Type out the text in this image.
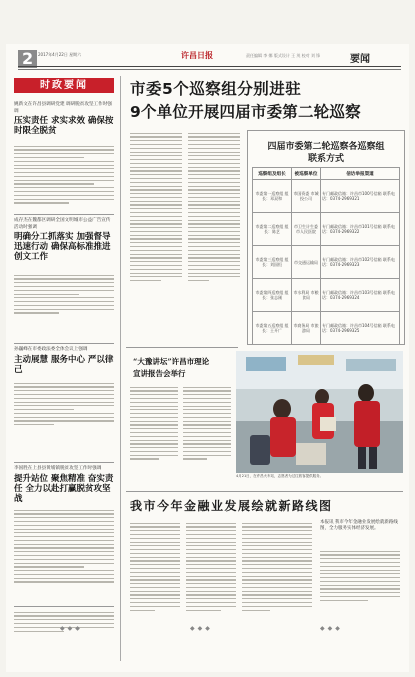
2	2017年4月22日 星期六	许昌日报	责任编辑 李 娜 版式设计 王 茂 校对 刘 锋	要闻
时政要闻
姚新文在许昌县调研党建 调研脱贫攻坚工作时强调
压实责任 求实求效 确保按时限全脱贫
成存杰在魏都区调研全国文明城市公益广告宣传活动时强调
明确分工抓落实 加强督导 迅速行动 确保高标准推进创文工作
孙巍峰在市委政法委全体会议上强调
主动展慧 服务中心 严以律己
李国胜在上县县黄埔镇脱贫攻坚工作时强调
提升站位 聚焦精准 奋实责任 全力以赴打赢脱贫攻坚战
市委5个巡察组分别进驻
9个单位开展四届市委第二轮巡察
四届市委第二轮巡察各巡察组
联系方式
巡察组及组长	被巡察单位	信访举报渠道
市委第一巡察组 组长：邓双和	市国资委 市城投公司	专门邮政信箱：许昌市100号信箱 联系电话：0374-2969321
市委第二巡察组 组长：陈艺	市卫生计生委 市人民医院	专门邮政信箱：许昌市101号信箱 联系电话：0374-2969322
市委第三巡察组 组长：刘国恒	市交通运输局	专门邮政信箱：许昌市102号信箱 联系电话：0374-2969323
市委第四巡察组 组长：张志刚	市水利局 市粮食局	专门邮政信箱：许昌市103号信箱 联系电话：0374-2969324
市委第五巡察组 组长：王开广	市商务局 市旅游局	专门邮政信箱：许昌市104号信箱 联系电话：0374-2969325
“大豫讲坛”许昌市理论
宣讲报告会举行
4月21日，在许昌火车站，志愿者为过往旅客提供服务。
我市今年金融业发展绘就新路线图
本报讯 我市今年金融业发展绘就新路线图，全力服务实体经济发展。
◆◆◆	◆◆◆	◆◆◆
